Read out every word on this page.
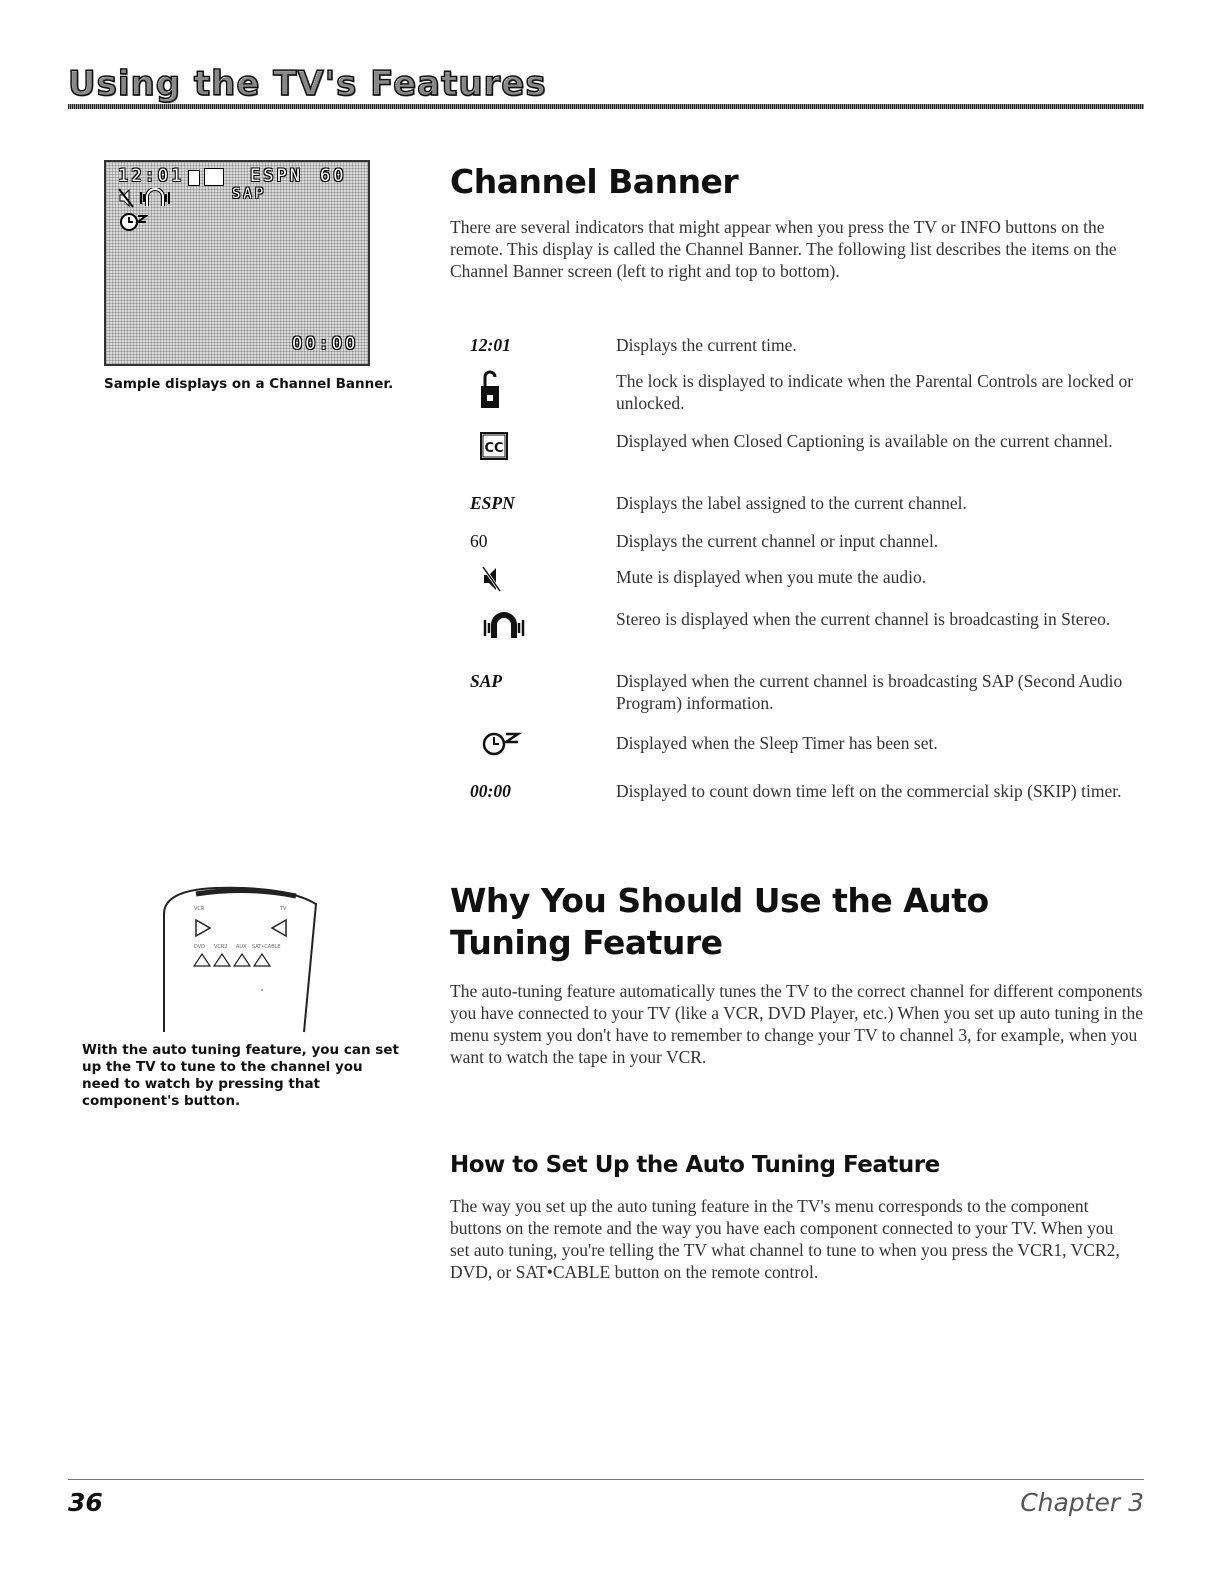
Using the TV's Features
12:01	ESPN 60
SAP
00:00
Sample displays on a Channel Banner.
Channel Banner

There are several indicators that might appear when you press the TV or INFO buttons on the remote. This display is called the Channel Banner. The following list describes the items on the Channel Banner screen (left to right and top to bottom).

12:01	Displays the current time.
The lock is displayed to indicate when the Parental Controls are locked or unlocked.
CC	Displayed when Closed Captioning is available on the current channel.
ESPN	Displays the label assigned to the current channel.
60	Displays the current channel or input channel.
Mute is displayed when you mute the audio.
Stereo is displayed when the current channel is broadcasting in Stereo.
SAP	Displayed when the current channel is broadcasting SAP (Second Audio Program) information.
Displayed when the Sleep Timer has been set.
00:00	Displayed to count down time left on the commercial skip (SKIP) timer.
VCR	TV
DVD VCR2 AUX SAT•CABLE
With the auto tuning feature, you can set up the TV to tune to the channel you need to watch by pressing that component's button.
Why You Should Use the Auto Tuning Feature

The auto-tuning feature automatically tunes the TV to the correct channel for different components you have connected to your TV (like a VCR, DVD Player, etc.) When you set up auto tuning in the menu system you don't have to remember to change your TV to channel 3, for example, when you want to watch the tape in your VCR.

How to Set Up the Auto Tuning Feature

The way you set up the auto tuning feature in the TV's menu corresponds to the component buttons on the remote and the way you have each component connected to your TV. When you set auto tuning, you're telling the TV what channel to tune to when you press the VCR1, VCR2, DVD, or SAT•CABLE button on the remote control.

36	Chapter 3
